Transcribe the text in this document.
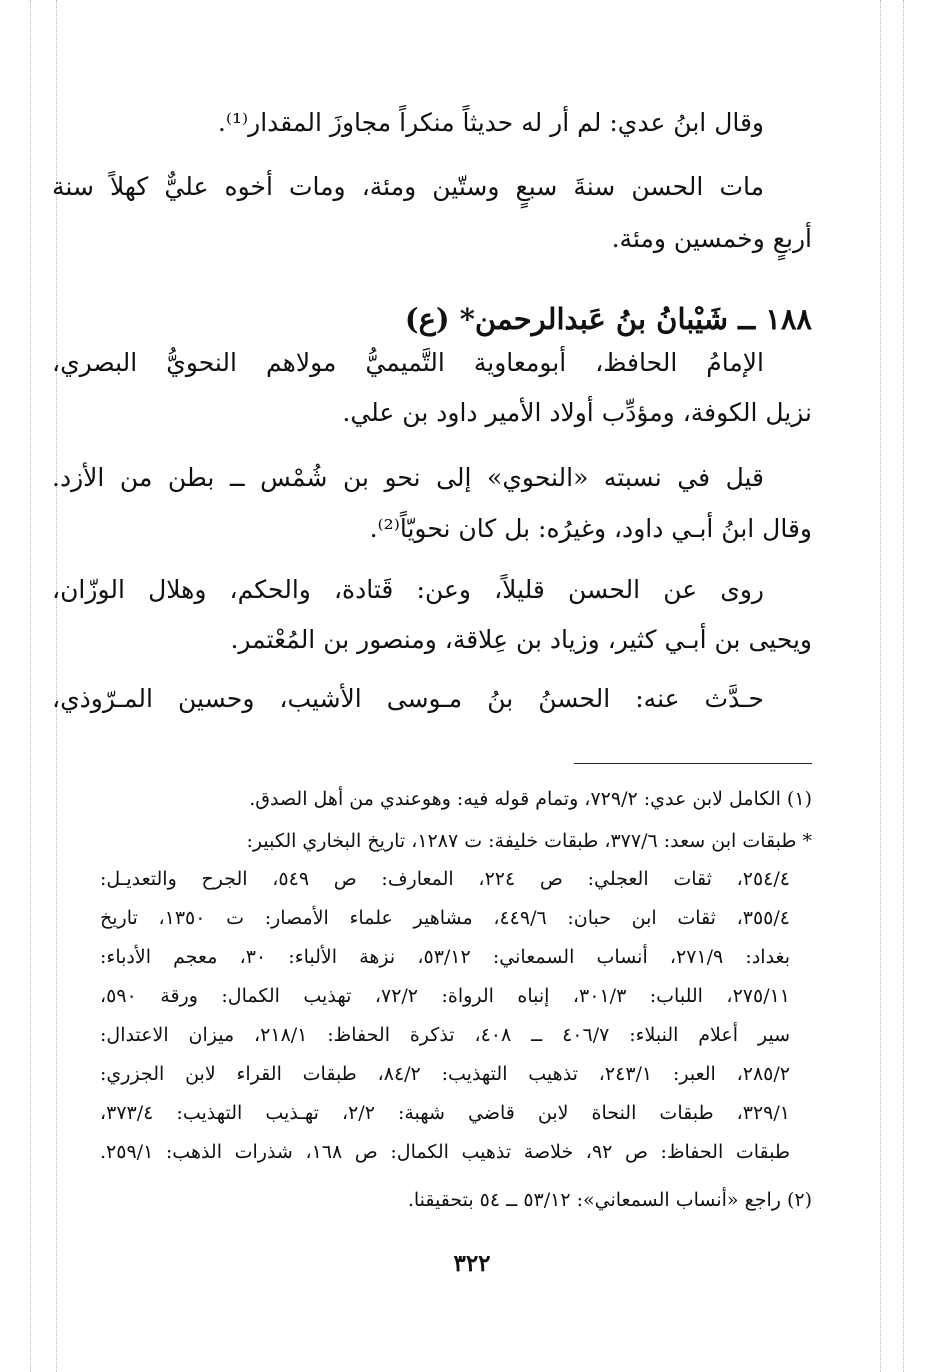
وقال ابنُ عدي: لم أر له حديثاً منكراً مجاوزَ المقدار⁽¹⁾.
مات الحسن سنةَ سبعٍ وستّين ومئة، ومات أخوه عليٌّ كهلاً سنة
أربعٍ وخمسين ومئة.
١٨٨ ــ شَيْبانُ بنُ عَبدالرحمن* (ع)
الإمامُ الحافظ، أبومعاوية التَّميميُّ مولاهم النحويُّ البصري،
نزيل الكوفة، ومؤدِّب أولاد الأمير داود بن علي.
قيل في نسبته «النحوي» إلى نحو بن شُمْس ــ بطن من الأزد.
وقال ابنُ أبـي داود، وغيرُه: بل كان نحويّاً⁽²⁾.
روى عن الحسن قليلاً، وعن: قَتادة، والحكم، وهلال الوزّان،
ويحيى بن أبـي كثير، وزياد بن عِلاقة، ومنصور بن المُعْتمر.
حـدَّث عنه: الحسنُ بنُ مـوسى الأشيب، وحسين المـرّوذي،
(١) الكامل لابن عدي: ٧٢٩/٢، وتمام قوله فيه: وهوعندي من أهل الصدق.
* طبقات ابن سعد: ٣٧٧/٦، طبقات خليفة: ت ١٢٨٧، تاريخ البخاري الكبير:
٢٥٤/٤، ثقات العجلي: ص ٢٢٤، المعارف: ص ٥٤٩، الجرح والتعديـل:
٣٥٥/٤، ثقات ابن حبان: ٤٤٩/٦، مشاهير علماء الأمصار: ت ١٣٥٠، تاريخ
بغداد: ٢٧١/٩، أنساب السمعاني: ٥٣/١٢، نزهة الألباء: ٣٠، معجم الأدباء:
٢٧٥/١١، اللباب: ٣٠١/٣، إنباه الرواة: ٧٢/٢، تهذيب الكمال: ورقة ٥٩٠،
سير أعلام النبلاء: ٤٠٦/٧ ــ ٤٠٨، تذكرة الحفاظ: ٢١٨/١، ميزان الاعتدال:
٢٨٥/٢، العبر: ٢٤٣/١، تذهيب التهذيب: ٨٤/٢، طبقات القراء لابن الجزري:
٣٢٩/١، طبقات النحاة لابن قاضي شهبة: ٢/٢، تهـذيب التهذيب: ٣٧٣/٤،
طبقات الحفاظ: ص ٩٢، خلاصة تذهيب الكمال: ص ١٦٨، شذرات الذهب: ٢٥٩/١.
(٢) راجع «أنساب السمعاني»: ٥٣/١٢ ــ ٥٤ بتحقيقنا.
٣٢٢
